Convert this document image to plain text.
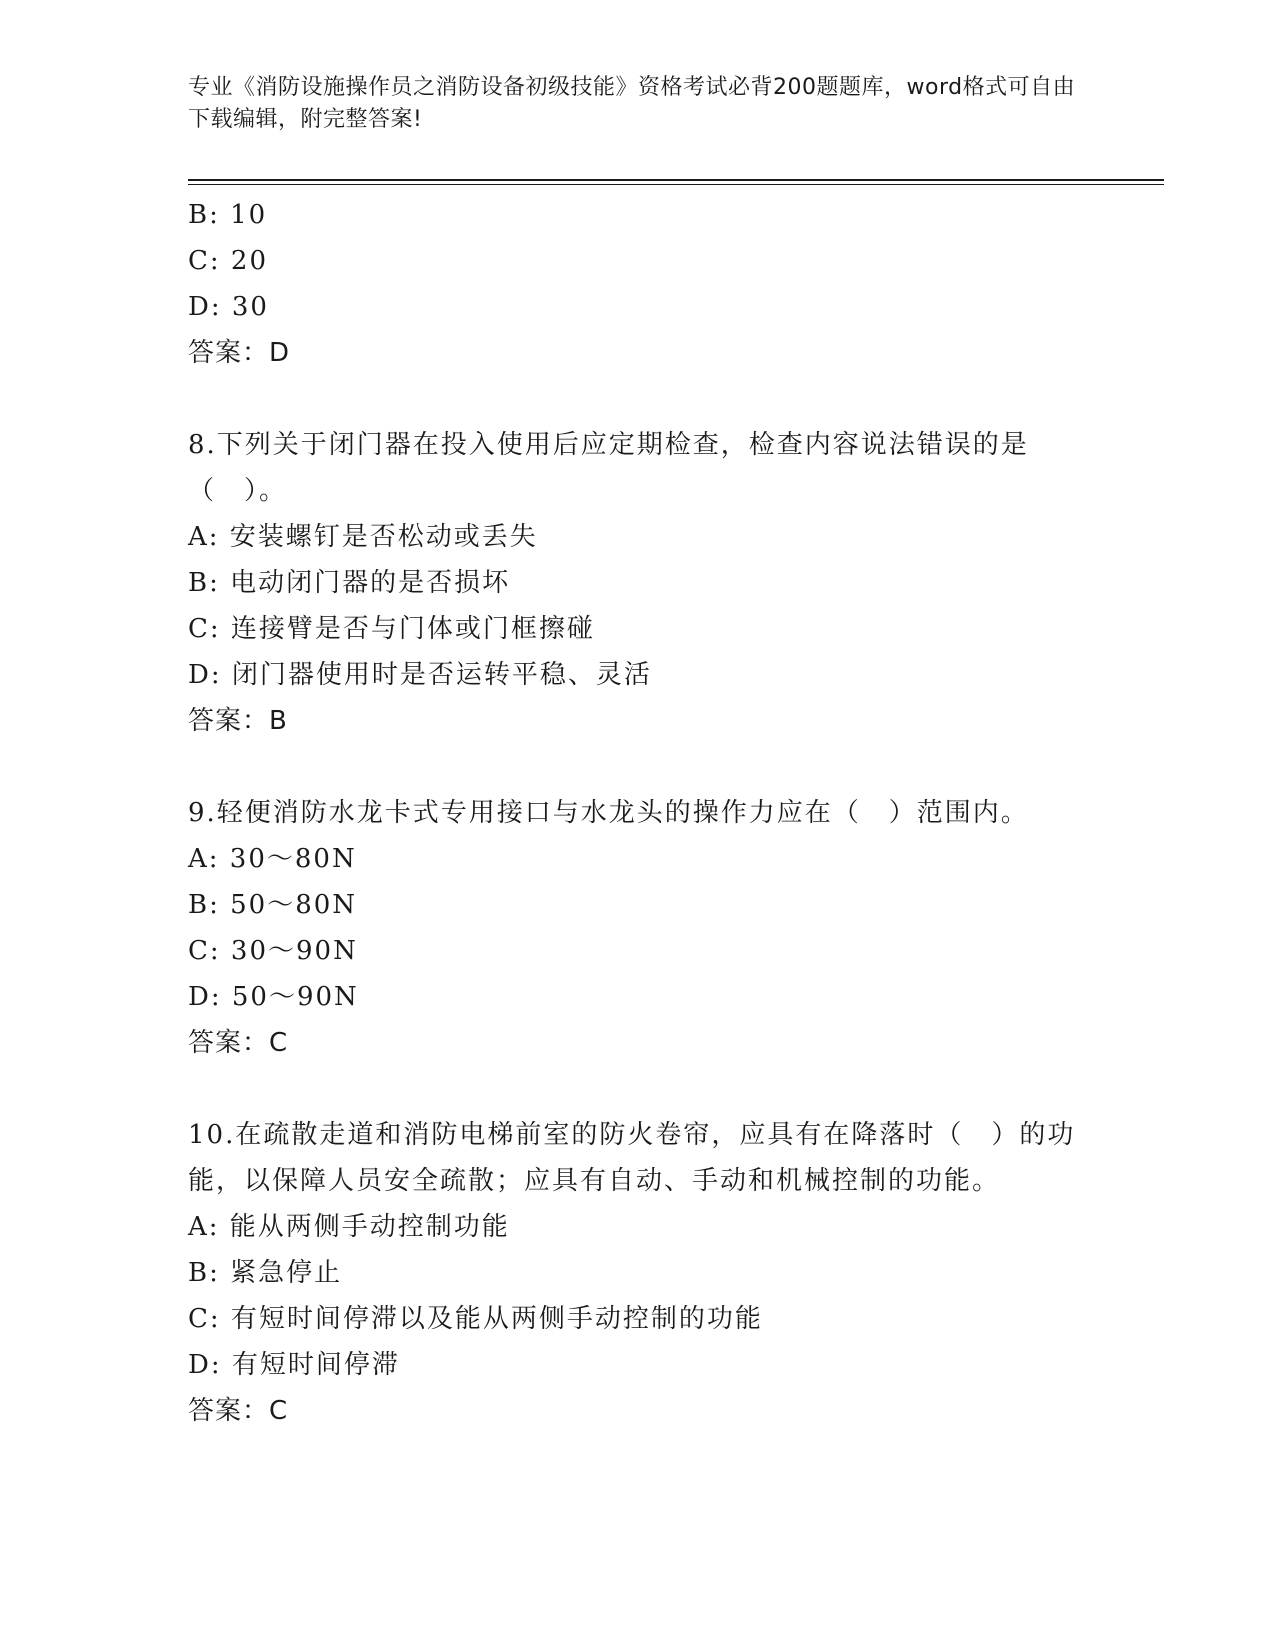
专业《消防设施操作员之消防设备初级技能》资格考试必背200题题库，word格式可自由下载编辑，附完整答案!
B: 10
C: 20
D: 30
答案：D
8.下列关于闭门器在投入使用后应定期检查，检查内容说法错误的是（　）。
A: 安装螺钉是否松动或丢失
B: 电动闭门器的是否损坏
C: 连接臂是否与门体或门框擦碰
D: 闭门器使用时是否运转平稳、灵活
答案：B
9.轻便消防水龙卡式专用接口与水龙头的操作力应在（　）范围内。
A: 30～80N
B: 50～80N
C: 30～90N
D: 50～90N
答案：C
10.在疏散走道和消防电梯前室的防火卷帘，应具有在降落时（　）的功能，以保障人员安全疏散；应具有自动、手动和机械控制的功能。
A: 能从两侧手动控制功能
B: 紧急停止
C: 有短时间停滞以及能从两侧手动控制的功能
D: 有短时间停滞
答案：C
